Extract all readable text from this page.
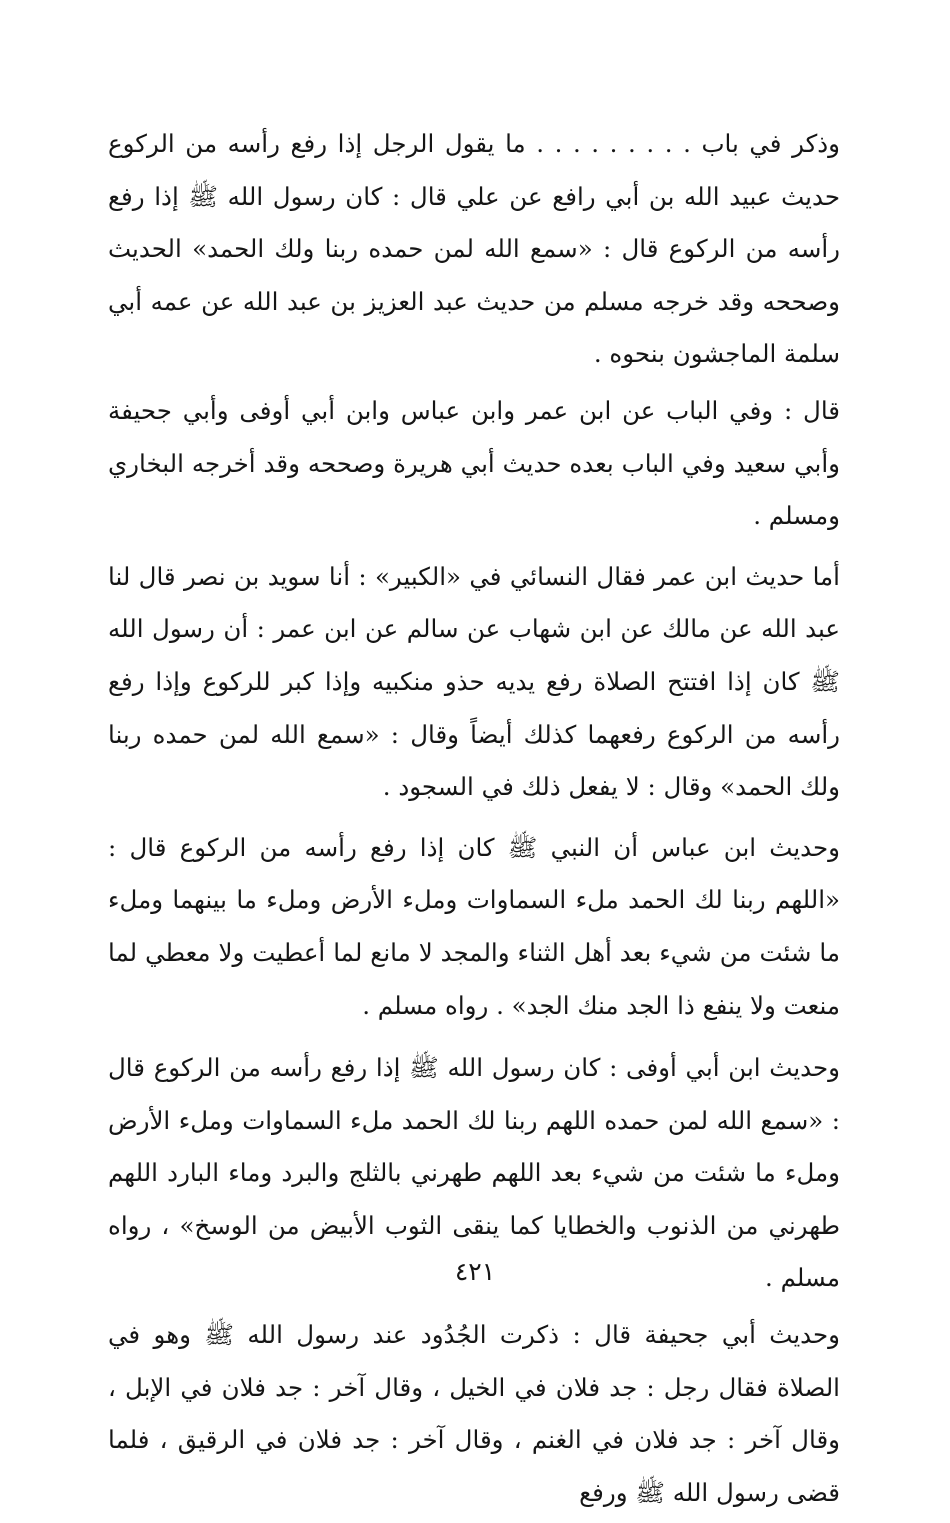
وذكر في باب . . . . . . . . . ما يقول الرجل إذا رفع رأسه من الركوع حديث عبيد الله بن أبي رافع عن علي قال : كان رسول الله ﷺ إذا رفع رأسه من الركوع قال : «سمع الله لمن حمده ربنا ولك الحمد» الحديث وصححه وقد خرجه مسلم من حديث عبد العزيز بن عبد الله عن عمه أبي سلمة الماجشون بنحوه .

قال : وفي الباب عن ابن عمر وابن عباس وابن أبي أوفى وأبي جحيفة وأبي سعيد وفي الباب بعده حديث أبي هريرة وصححه وقد أخرجه البخاري ومسلم .

أما حديث ابن عمر فقال النسائي في «الكبير» : أنا سويد بن نصر قال لنا عبد الله عن مالك عن ابن شهاب عن سالم عن ابن عمر : أن رسول الله ﷺ كان إذا افتتح الصلاة رفع يديه حذو منكبيه وإذا كبر للركوع وإذا رفع رأسه من الركوع رفعهما كذلك أيضاً وقال : «سمع الله لمن حمده ربنا ولك الحمد» وقال : لا يفعل ذلك في السجود .

وحديث ابن عباس أن النبي ﷺ كان إذا رفع رأسه من الركوع قال : «اللهم ربنا لك الحمد ملء السماوات وملء الأرض وملء ما بينهما وملء ما شئت من شيء بعد أهل الثناء والمجد لا مانع لما أعطيت ولا معطي لما منعت ولا ينفع ذا الجد منك الجد» . رواه مسلم .

وحديث ابن أبي أوفى : كان رسول الله ﷺ إذا رفع رأسه من الركوع قال : «سمع الله لمن حمده اللهم ربنا لك الحمد ملء السماوات وملء الأرض وملء ما شئت من شيء بعد اللهم طهرني بالثلج والبرد وماء البارد اللهم طهرني من الذنوب والخطايا كما ينقى الثوب الأبيض من الوسخ» ، رواه مسلم .

وحديث أبي جحيفة قال : ذكرت الجُدُود عند رسول الله ﷺ وهو في الصلاة فقال رجل : جد فلان في الخيل ، وقال آخر : جد فلان في الإبل ، وقال آخر : جد فلان في الغنم ، وقال آخر : جد فلان في الرقيق ، فلما قضى رسول الله ﷺ ورفع

٤٢١
